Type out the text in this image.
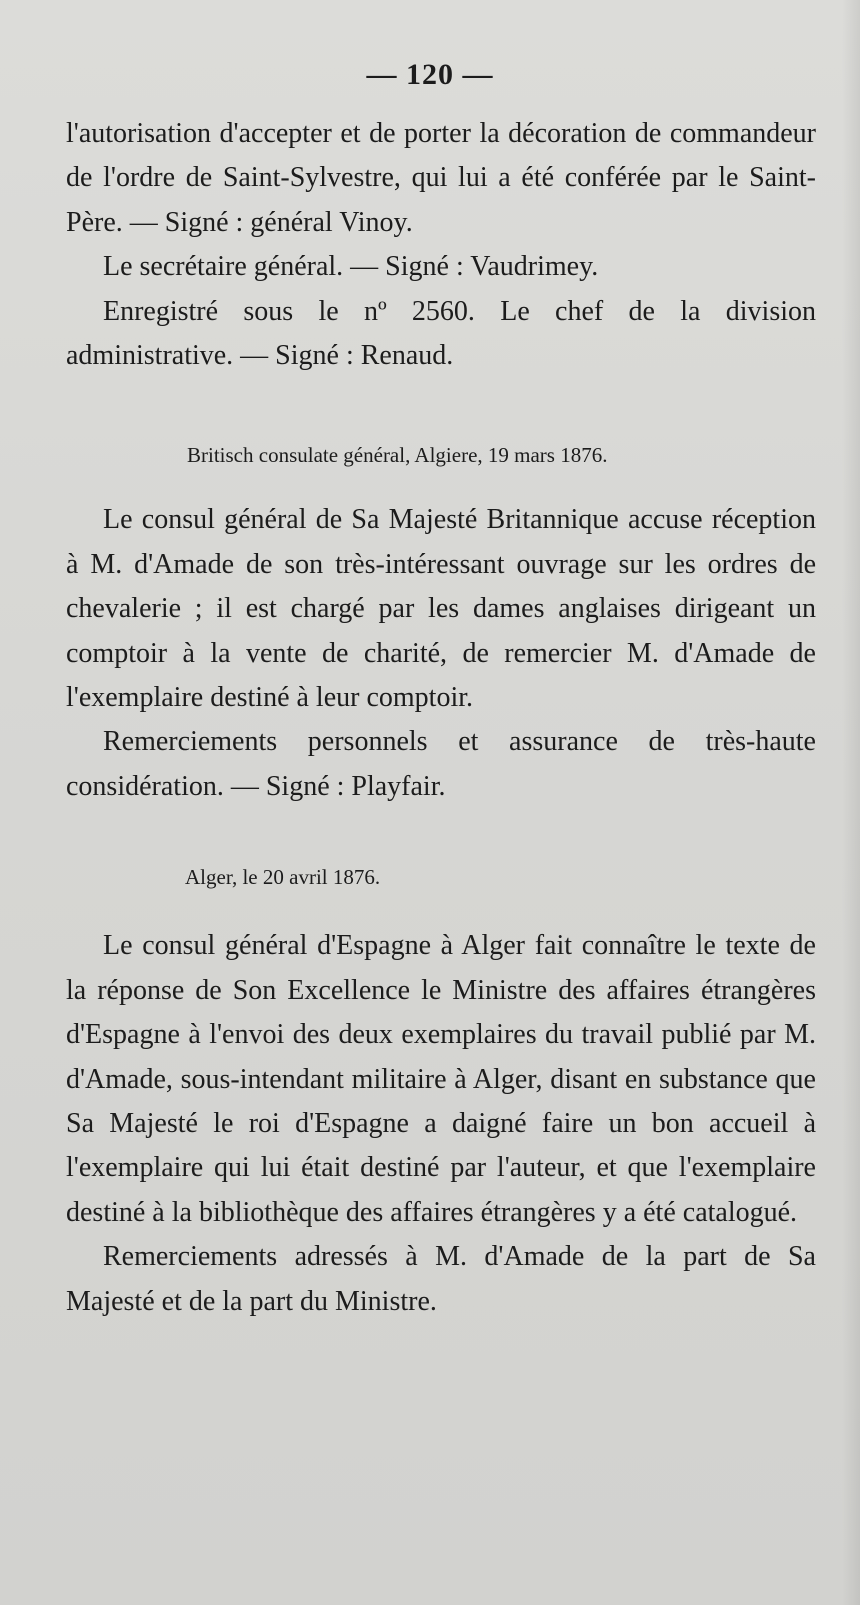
— 120 —

l'autorisation d'accepter et de porter la décoration de commandeur de l'ordre de Saint-Sylvestre, qui lui a été conférée par le Saint-Père. — Signé : général Vinoy.

Le secrétaire général. — Signé : Vaudrimey.

Enregistré sous le nº 2560. Le chef de la division administrative. — Signé : Renaud.

Britisch consulate général, Algiere, 19 mars 1876.

Le consul général de Sa Majesté Britannique accuse réception à M. d'Amade de son très-intéressant ouvrage sur les ordres de chevalerie ; il est chargé par les dames anglaises dirigeant un comptoir à la vente de charité, de remercier M. d'Amade de l'exemplaire destiné à leur comptoir.

Remerciements personnels et assurance de très-haute considération. — Signé : Playfair.

Alger, le 20 avril 1876.

Le consul général d'Espagne à Alger fait connaître le texte de la réponse de Son Excellence le Ministre des affaires étrangères d'Espagne à l'envoi des deux exemplaires du travail publié par M. d'Amade, sous-intendant militaire à Alger, disant en substance que Sa Majesté le roi d'Espagne a daigné faire un bon accueil à l'exemplaire qui lui était destiné par l'auteur, et que l'exemplaire destiné à la bibliothèque des affaires étrangères y a été catalogué.

Remerciements adressés à M. d'Amade de la part de Sa Majesté et de la part du Ministre.
